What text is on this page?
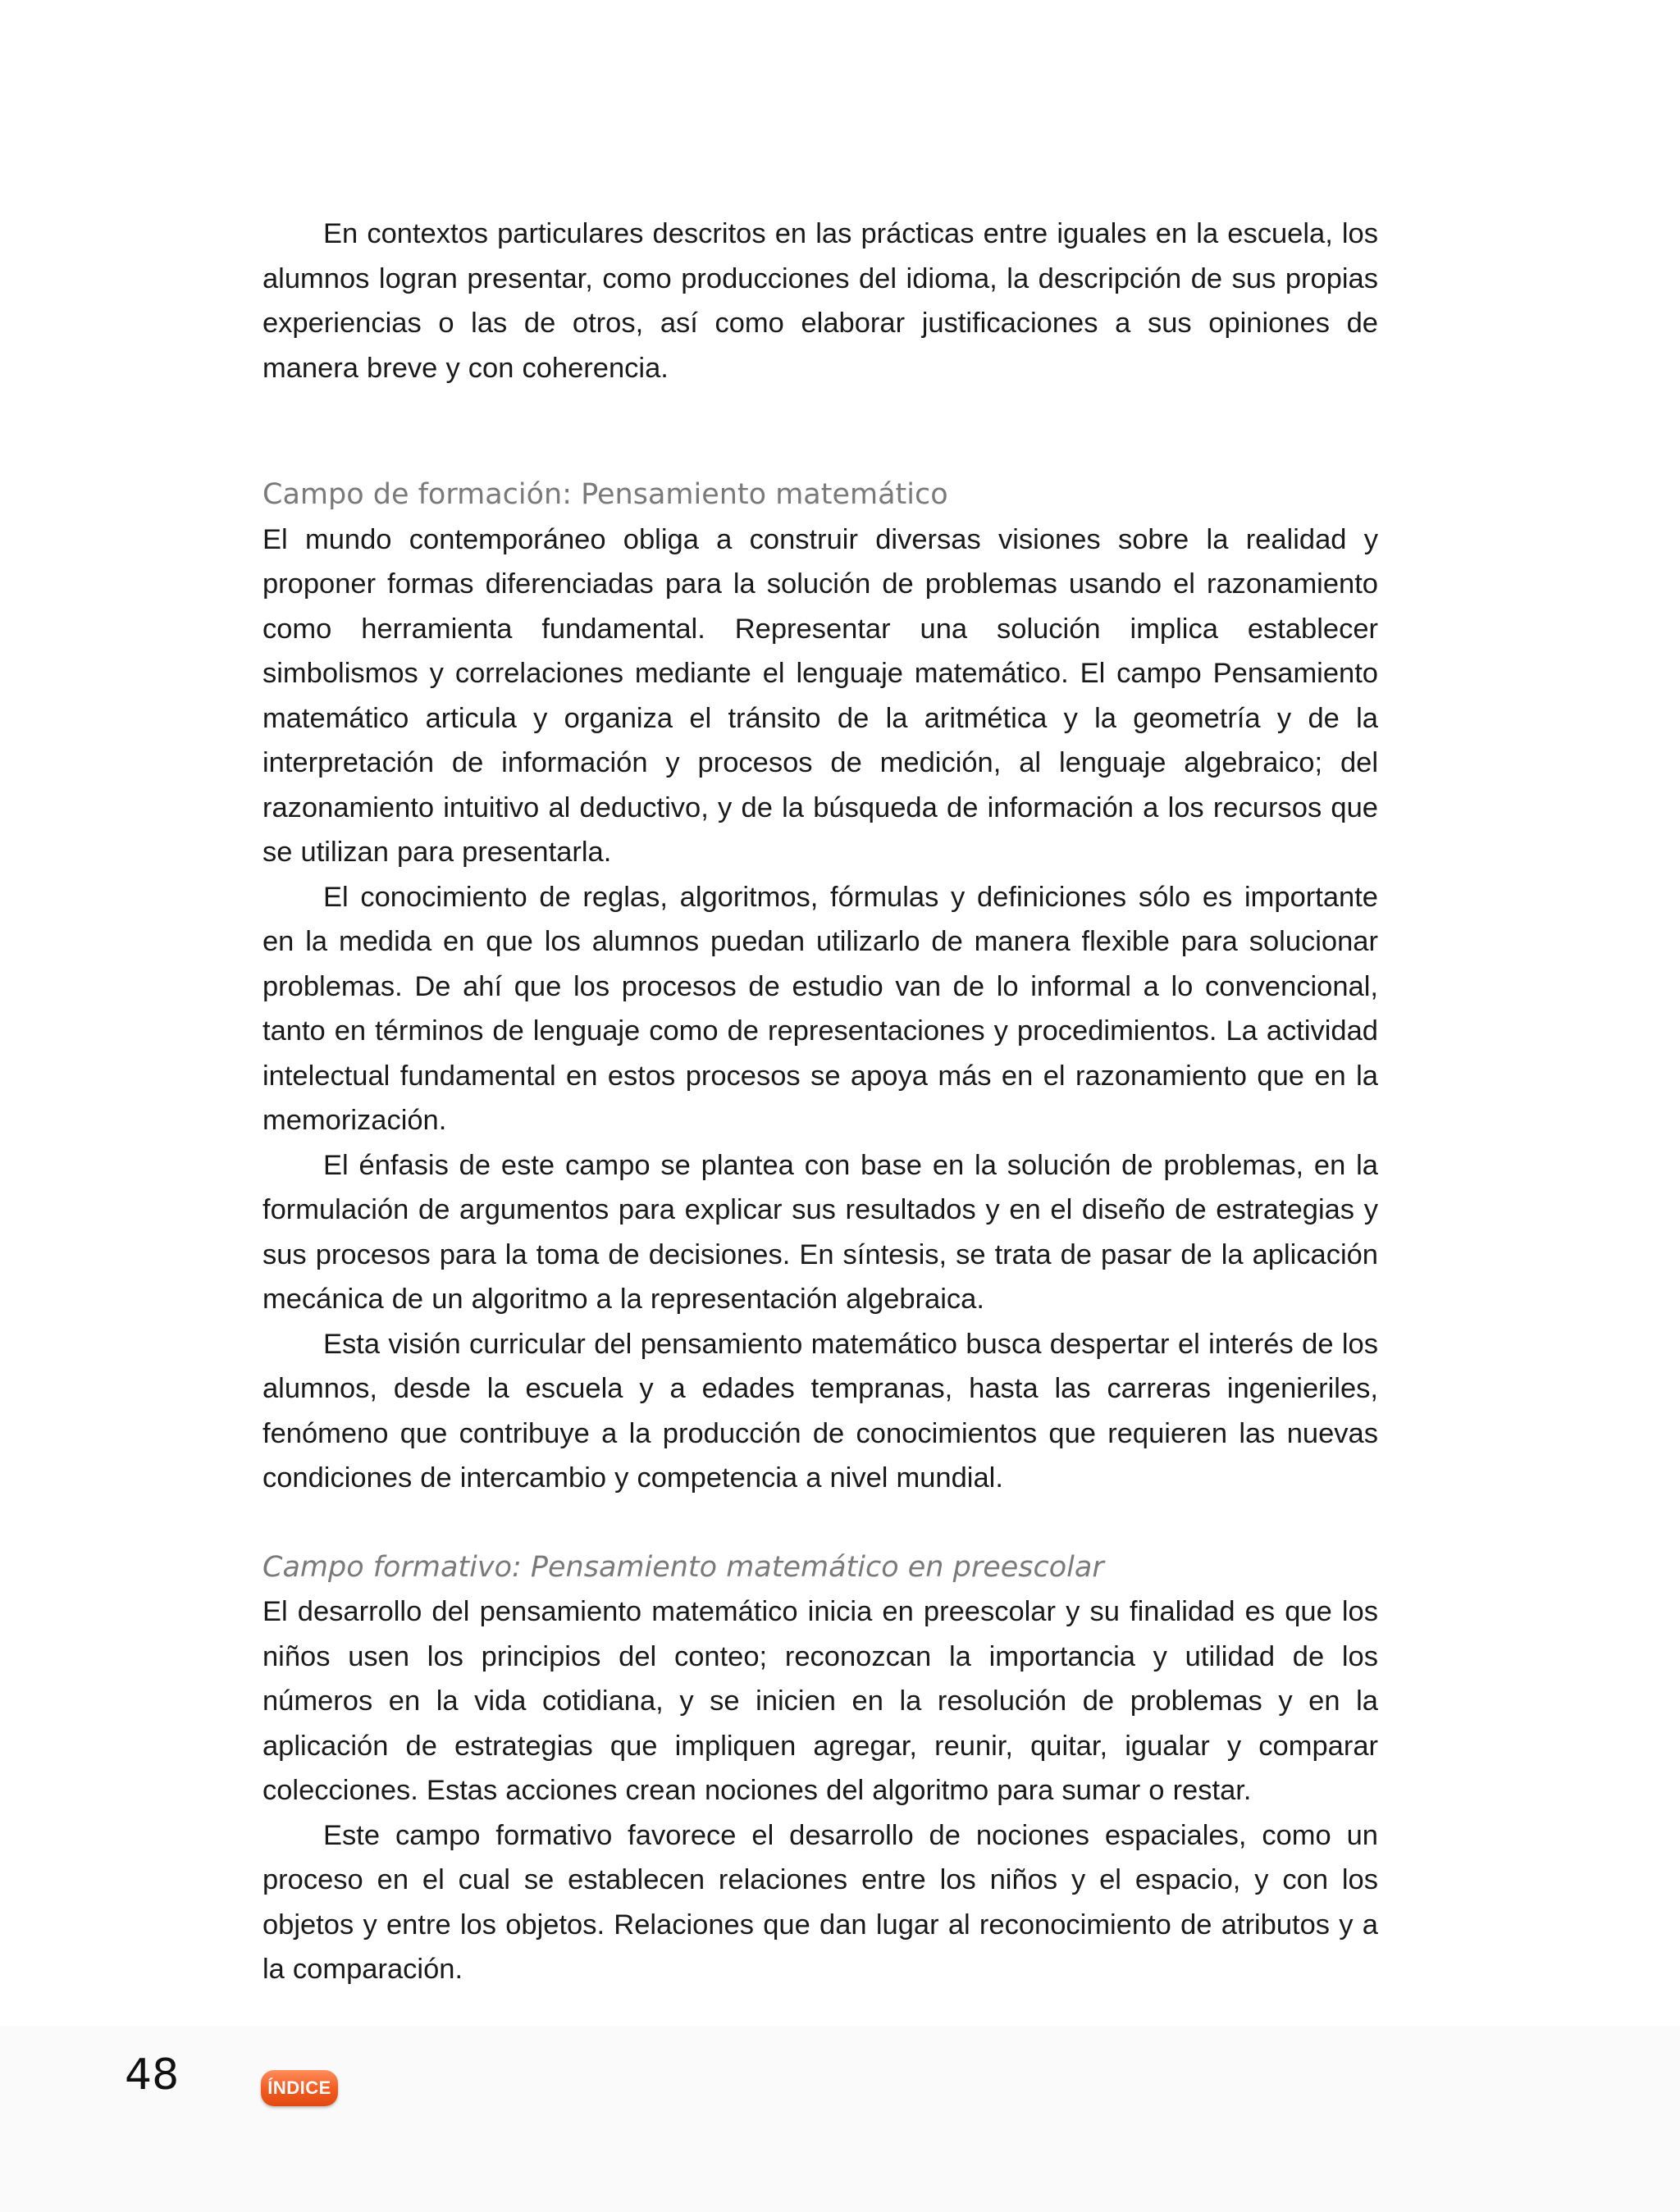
En contextos particulares descritos en las prácticas entre iguales en la escuela, los alumnos logran presentar, como producciones del idioma, la descripción de sus propias experiencias o las de otros, así como elaborar justificaciones a sus opiniones de manera breve y con coherencia.

Campo de formación: Pensamiento matemático

El mundo contemporáneo obliga a construir diversas visiones sobre la realidad y proponer formas diferenciadas para la solución de problemas usando el razonamiento como herramienta fundamental. Representar una solución implica establecer simbolismos y correlaciones mediante el lenguaje matemático. El campo Pensamiento matemático articula y organiza el tránsito de la aritmética y la geometría y de la interpretación de información y procesos de medición, al lenguaje algebraico; del razonamiento intuitivo al deductivo, y de la búsqueda de información a los recursos que se utilizan para presentarla.

El conocimiento de reglas, algoritmos, fórmulas y definiciones sólo es importante en la medida en que los alumnos puedan utilizarlo de manera flexible para solucionar problemas. De ahí que los procesos de estudio van de lo informal a lo convencional, tanto en términos de lenguaje como de representaciones y procedimientos. La actividad intelectual fundamental en estos procesos se apoya más en el razonamiento que en la memorización.

El énfasis de este campo se plantea con base en la solución de problemas, en la formulación de argumentos para explicar sus resultados y en el diseño de estrategias y sus procesos para la toma de decisiones. En síntesis, se trata de pasar de la aplicación mecánica de un algoritmo a la representación algebraica.

Esta visión curricular del pensamiento matemático busca despertar el interés de los alumnos, desde la escuela y a edades tempranas, hasta las carreras ingenieriles, fenómeno que contribuye a la producción de conocimientos que requieren las nuevas condiciones de intercambio y competencia a nivel mundial.

Campo formativo: Pensamiento matemático en preescolar

El desarrollo del pensamiento matemático inicia en preescolar y su finalidad es que los niños usen los principios del conteo; reconozcan la importancia y utilidad de los números en la vida cotidiana, y se inicien en la resolución de problemas y en la aplicación de estrategias que impliquen agregar, reunir, quitar, igualar y comparar colecciones. Estas acciones crean nociones del algoritmo para sumar o restar.

Este campo formativo favorece el desarrollo de nociones espaciales, como un proceso en el cual se establecen relaciones entre los niños y el espacio, y con los objetos y entre los objetos. Relaciones que dan lugar al reconocimiento de atributos y a la comparación.

48	ÍNDICE
